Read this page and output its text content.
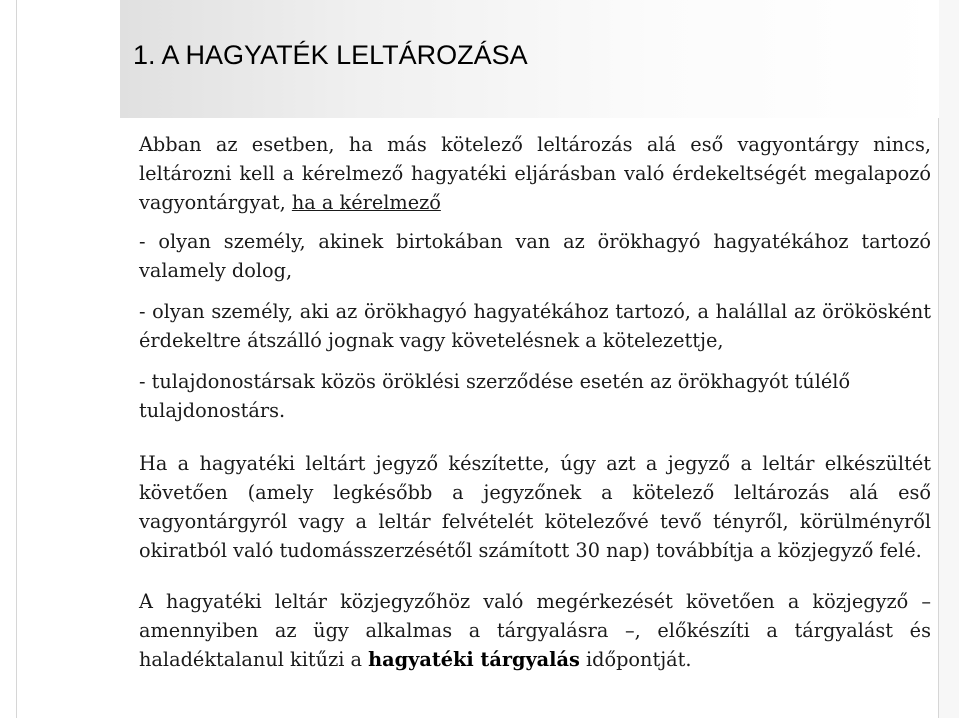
1. A HAGYATÉK LELTÁROZÁSA

Abban az esetben, ha más kötelező leltározás alá eső vagyontárgy nincs, leltározni kell a kérelmező hagyatéki eljárásban való érdekeltségét megalapozó vagyontárgyat, ha a kérelmező

- olyan személy, akinek birtokában van az örökhagyó hagyatékához tartozó valamely dolog,

- olyan személy, aki az örökhagyó hagyatékához tartozó, a halállal az örökösként érdekeltre átszálló jognak vagy követelésnek a kötelezettje,

- tulajdonostársak közös öröklési szerződése esetén az örökhagyót túlélő tulajdonostárs.

Ha a hagyatéki leltárt jegyző készítette, úgy azt a jegyző a leltár elkészültét követően (amely legkésőbb a jegyzőnek a kötelező leltározás alá eső vagyontárgyról vagy a leltár felvételét kötelezővé tevő tényről, körülményről okiratból való tudomásszerzésétől számított 30 nap) továbbítja a közjegyző felé.

A hagyatéki leltár közjegyzőhöz való megérkezését követően a közjegyző – amennyiben az ügy alkalmas a tárgyalásra –, előkészíti a tárgyalást és haladéktalanul kitűzi a hagyatéki tárgyalás időpontját.
